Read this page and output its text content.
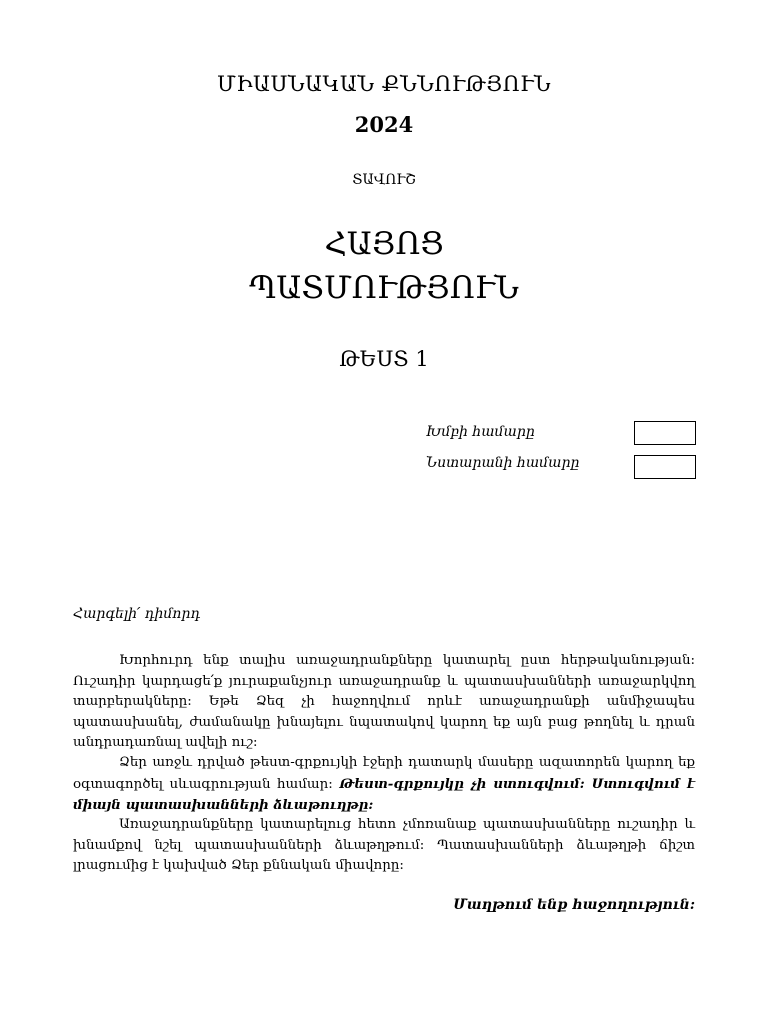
ՄԻԱՍՆԱԿԱՆ ՔՆՆՈՒԹՅՈՒՆ
2024
ՏԱՎՈՒՇ
ՀԱՅՈՑ
ՊԱՏՄՈՒԹՅՈՒՆ
ԹԵՍՏ 1
Խմբի համարը
Նստարանի համարը
Հարգելի՛ դիմորդ
Խորհուրդ ենք տալիս առաջադրանքները կատարել ըստ հերթականության: Ուշադիր կարդացե՛ք յուրաքանչյուր առաջադրանք և պատասխանների առաջարկվող տարբերակները: Եթե Ձեզ չի հաջողվում որևէ առաջադրանքի անմիջապես պատասխանել, ժամանակը խնայելու նպատակով կարող եք այն բաց թողնել և դրան անդրադառնալ ավելի ուշ:
Ձեր առջև դրված թեստ-գրքույկի էջերի դատարկ մասերը ազատորեն կարող եք օգտագործել սևագրության համար: Թեստ-գրքույկը չի ստուգվում: Ստուգվում է միայն պատասխանների ձևաթուղթը:
Առաջադրանքները կատարելուց հետո չմոռանաք պատասխանները ուշադիր և խնամքով նշել պատասխանների ձևաթղթում: Պատասխանների ձևաթղթի ճիշտ լրացումից է կախված Ձեր քննական միավորը:
Մաղթում ենք հաջողություն:
